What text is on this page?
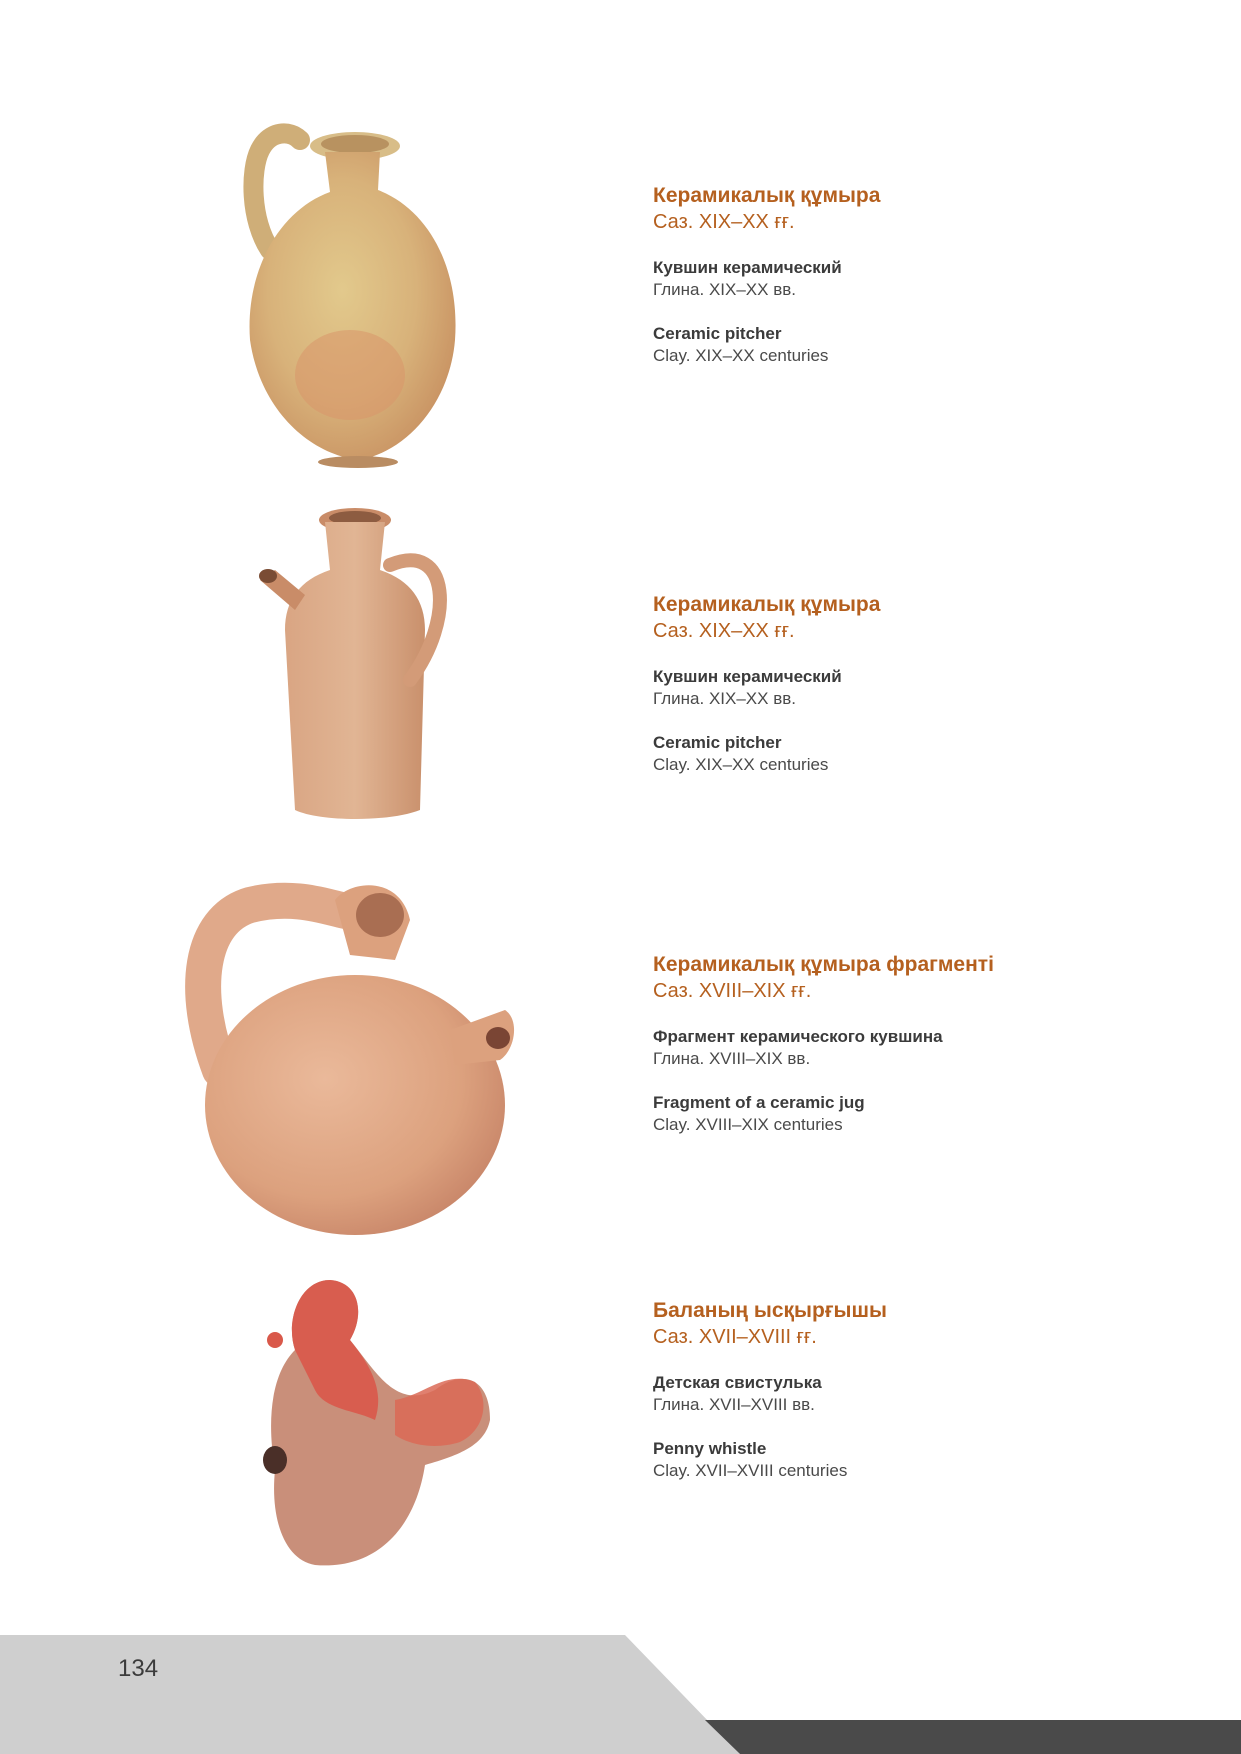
Керамикалық құмыра
Саз. XIX–XX ғғ.
Кувшин керамический
Глина. XIX–XX вв.
Ceramic pitcher
Clay. XIX–XX centuries
Керамикалық құмыра
Саз. XIX–XX ғғ.
Кувшин керамический
Глина. XIX–XX вв.
Ceramic pitcher
Clay. XIX–XX centuries
Керамикалық құмыра фрагменті
Саз. XVIII–XIX ғғ.
Фрагмент керамического кувшина
Глина. XVIII–XIX вв.
Fragment of a ceramic jug
Clay. XVIII–XIX centuries
Баланың ысқырғышы
Саз. XVII–XVIII ғғ.
Детская свистулька
Глина. XVII–XVIII вв.
Penny whistle
Clay. XVII–XVIII centuries
134
